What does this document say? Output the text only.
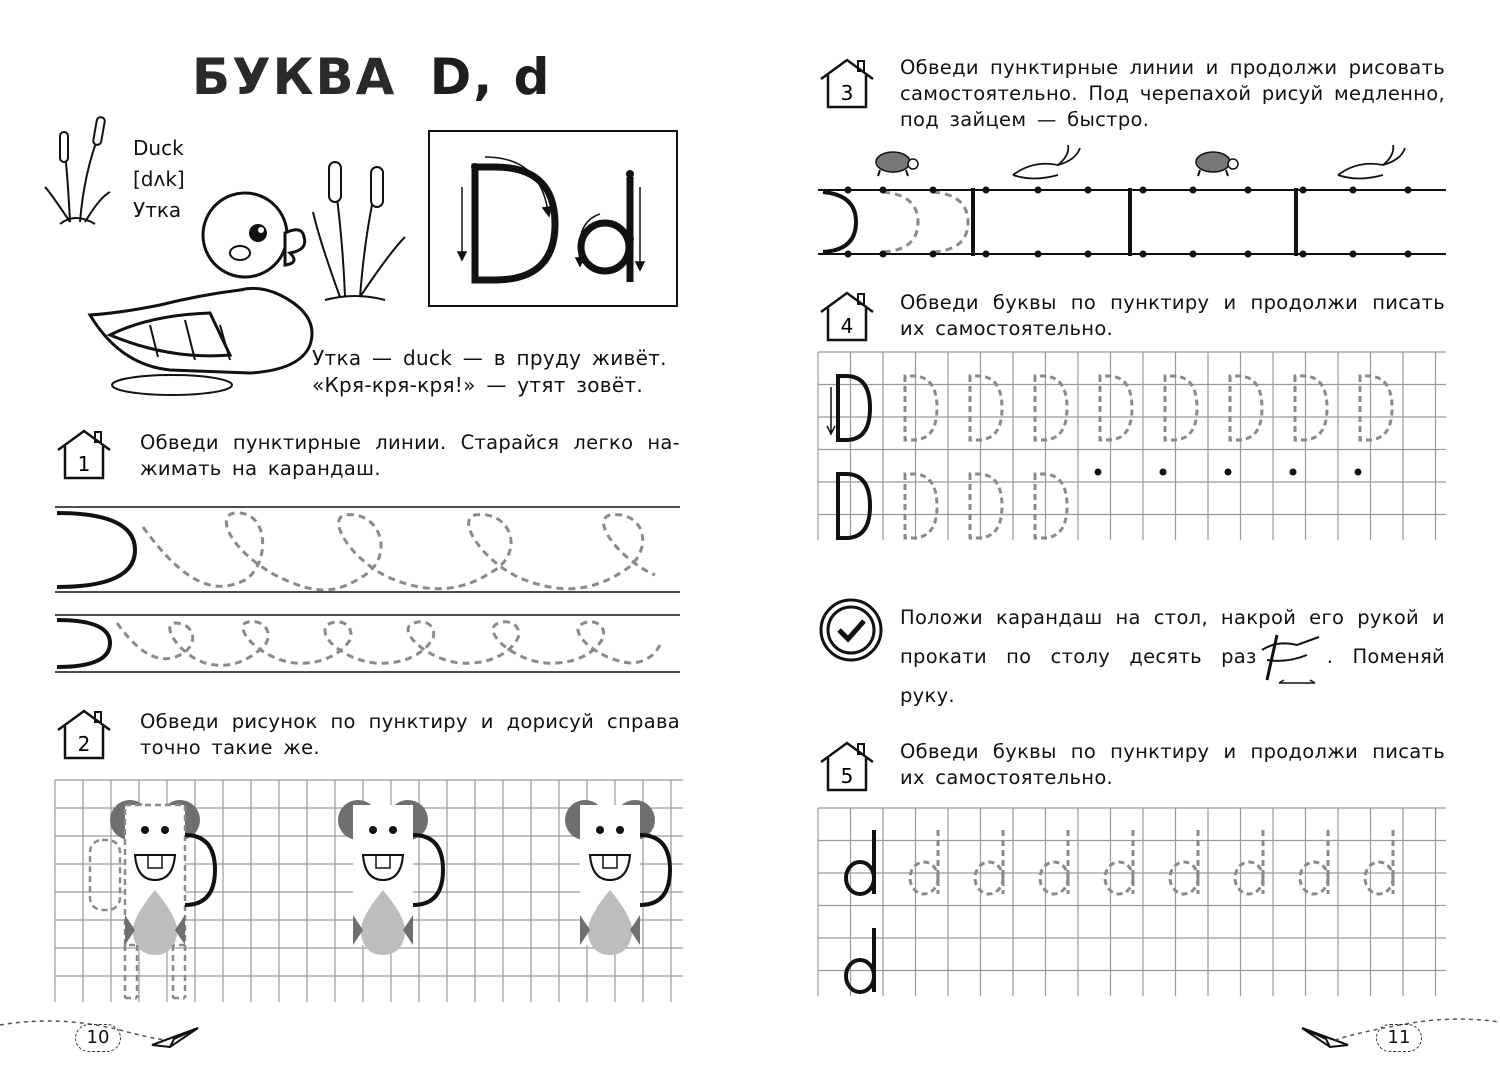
БУКВА D, d
Duck
[dʌk]
Утка
Утка — duck — в пруду живёт.
«Кря-кря-кря!» — утят зовёт.
1
Обведи пунктирные линии. Старайся легко на-жимать на карандаш.
2
Обведи рисунок по пунктиру и дорисуй справа точно такие же.
10
3
Обведи пунктирные линии и продолжи рисовать самостоятельно. Под черепахой рисуй медленно, под зайцем — быстро.
4
Обведи буквы по пунктиру и продолжи писать их самостоятельно.
Положи карандаш на стол, накрой его рукой и прокати по столу десять раз	. Поменяй руку.
5
Обведи буквы по пунктиру и продолжи писать их самостоятельно.
11
